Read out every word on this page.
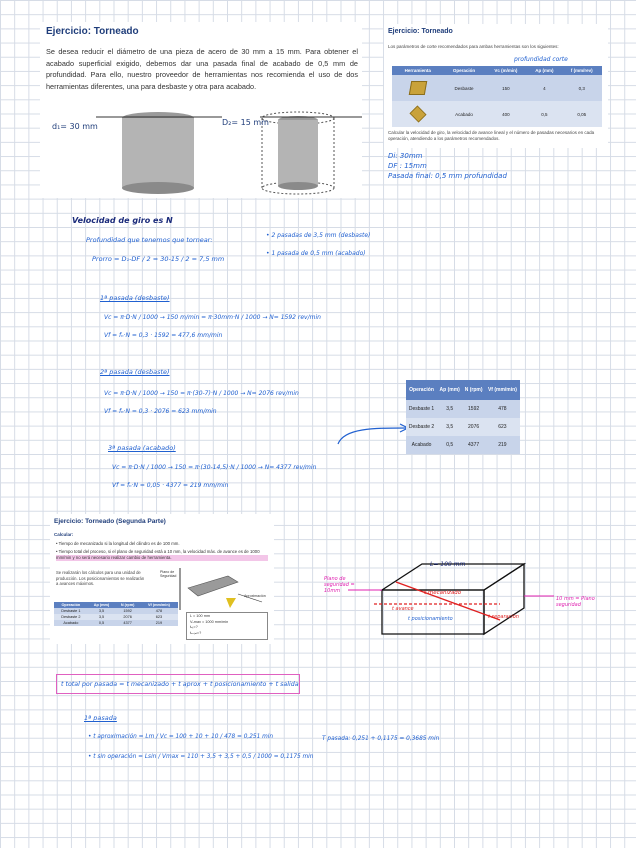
Ejercicio: Torneado
Se desea reducir el diámetro de una pieza de acero de 30 mm a 15 mm. Para obtener el acabado superficial exigido, debemos dar una pasada final de acabado de 0,5 mm de profundidad. Para ello, nuestro proveedor de herramientas nos recomienda el uso de dos herramientas diferentes, una para desbaste y otra para acabado.
d₁= 30 mm	D₂= 15 mm
Ejercicio: Torneado
Los parámetros de corte recomendados para ambas herramientas son los siguientes:
profundidad corte
Herramienta	Operación	Vc (m/min)	Ap (mm)	f (mm/rev)

	Desbaste	150	4	0,3

	Acabado	400	0,5	0,05
Calcular la velocidad de giro, la velocidad de avance lineal y el número de pasadas necesarios en cada operación, atendiendo a los parámetros recomendados.
Di: 30mm
DF : 15mm
Pasada final: 0,5 mm profundidad
Velocidad de giro es N
Profundidad que tenemos que tornear:
Prorro = D₁-DF / 2 = 30-15 / 2 = 7,5 mm
• 2 pasadas de 3,5 mm (desbaste)
• 1 pasada de 0,5 mm (acabado)
1ª pasada (desbaste)
Vc = π·D·N / 1000 → 150 m/min = π·30mm·N / 1000 → N= 1592 rev/min
Vf = fₙ·N = 0,3 · 1592 = 477,6 mm/min
2ª pasada (desbaste)
Vc = π·D·N / 1000 → 150 = π·(30-7)·N / 1000 → N= 2076 rev/min
Vf = fₙ·N = 0,3 · 2076 = 623 mm/min
3ª pasada (acabado)
Vc = π·D·N / 1000 → 150 = π·(30-14,5)·N / 1000 → N= 4377 rev/min
Vf = fₙ·N = 0,05 · 4377 = 219 mm/min
Operación	Ap (mm)	N (rpm)	Vf (mm/min)
Desbaste 1	3,5	1592	478
Desbaste 2	3,5	2076	623
Acabado	0,5	4377	219
Ejercicio: Torneado (Segunda Parte)
Calcular:
• Tiempo de mecanizado si la longitud del cilindro es de 100 mm.
• Tiempo total del proceso, si el plano de seguridad está a 10 mm, la velocidad máx. de avance es de 1000 mm/min y no será necesario realizar cambio de herramienta.
Se realizarán los cálculos para una unidad de producción. Los posicionamientos se realizarán a avances máximos.
Plano de Seguridad
Aproximación
Operación	Ap (mm)	N (rpm)	Vf (mm/min)
Desbaste 1	3,5	1592	478
Desbaste 2	3,5	2076	623
Acabado	0,5	4377	219
L = 100 mm
Vₓmax = 1000 mm/min
tₓₜ=?
tₓₒₜₐₗ=?
L= 100 mm
Plano de seguridad = 10mm
10 mm = Plano seguridad
t mecanizado
t avance
t posicionamiento	t separación
t total por pasada = t mecanizado + t aprox + t posicionamiento + t salida
1ª pasada
• t aproximación = Lm / Vc = 100 + 10 + 10 / 478 = 0,251 min
• t sin operación = Lsin / Vmax = 110 + 3,5 + 3,5 + 0,5 / 1000 = 0,1175 min
T pasada: 0,251 + 0,1175 = 0,3685 min
